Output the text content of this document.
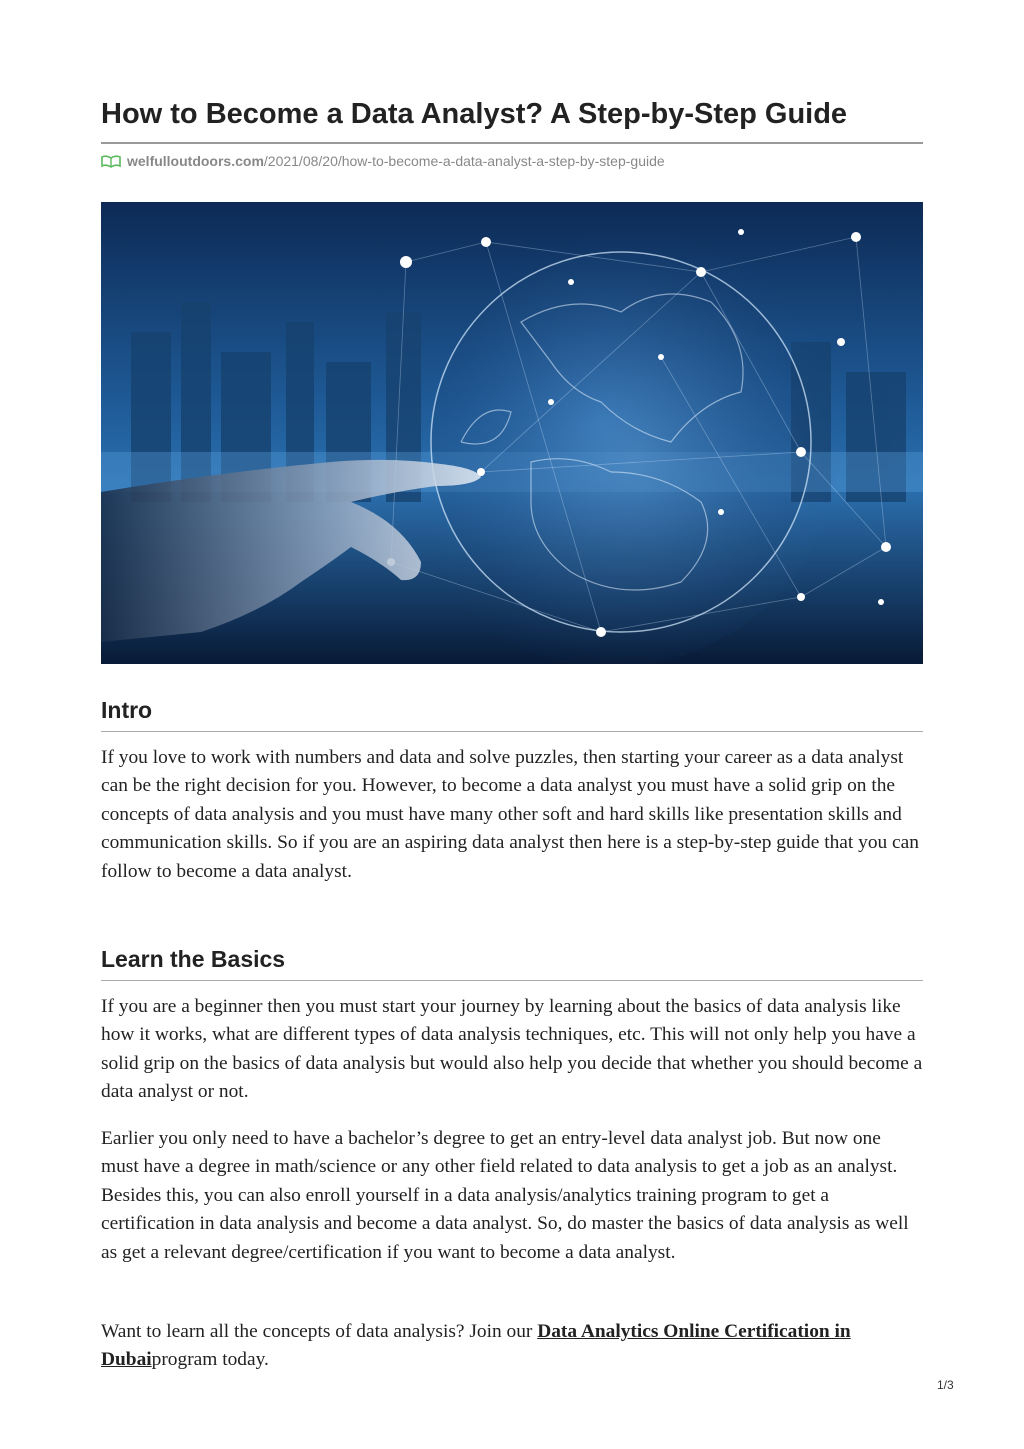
How to Become a Data Analyst? A Step-by-Step Guide
welfulloutdoors.com/2021/08/20/how-to-become-a-data-analyst-a-step-by-step-guide
Intro

If you love to work with numbers and data and solve puzzles, then starting your career as a data analyst can be the right decision for you. However, to become a data analyst you must have a solid grip on the concepts of data analysis and you must have many other soft and hard skills like presentation skills and communication skills. So if you are an aspiring data analyst then here is a step-by-step guide that you can follow to become a data analyst.

Learn the Basics

If you are a beginner then you must start your journey by learning about the basics of data analysis like how it works, what are different types of data analysis techniques, etc. This will not only help you have a solid grip on the basics of data analysis but would also help you decide that whether you should become a data analyst or not.

Earlier you only need to have a bachelor’s degree to get an entry-level data analyst job. But now one must have a degree in math/science or any other field related to data analysis to get a job as an analyst. Besides this, you can also enroll yourself in a data analysis/analytics training program to get a certification in data analysis and become a data analyst. So, do master the basics of data analysis as well as get a relevant degree/certification if you want to become a data analyst.

Want to learn all the concepts of data analysis? Join our Data Analytics Online Certification in Dubaiprogram today.

1/3
